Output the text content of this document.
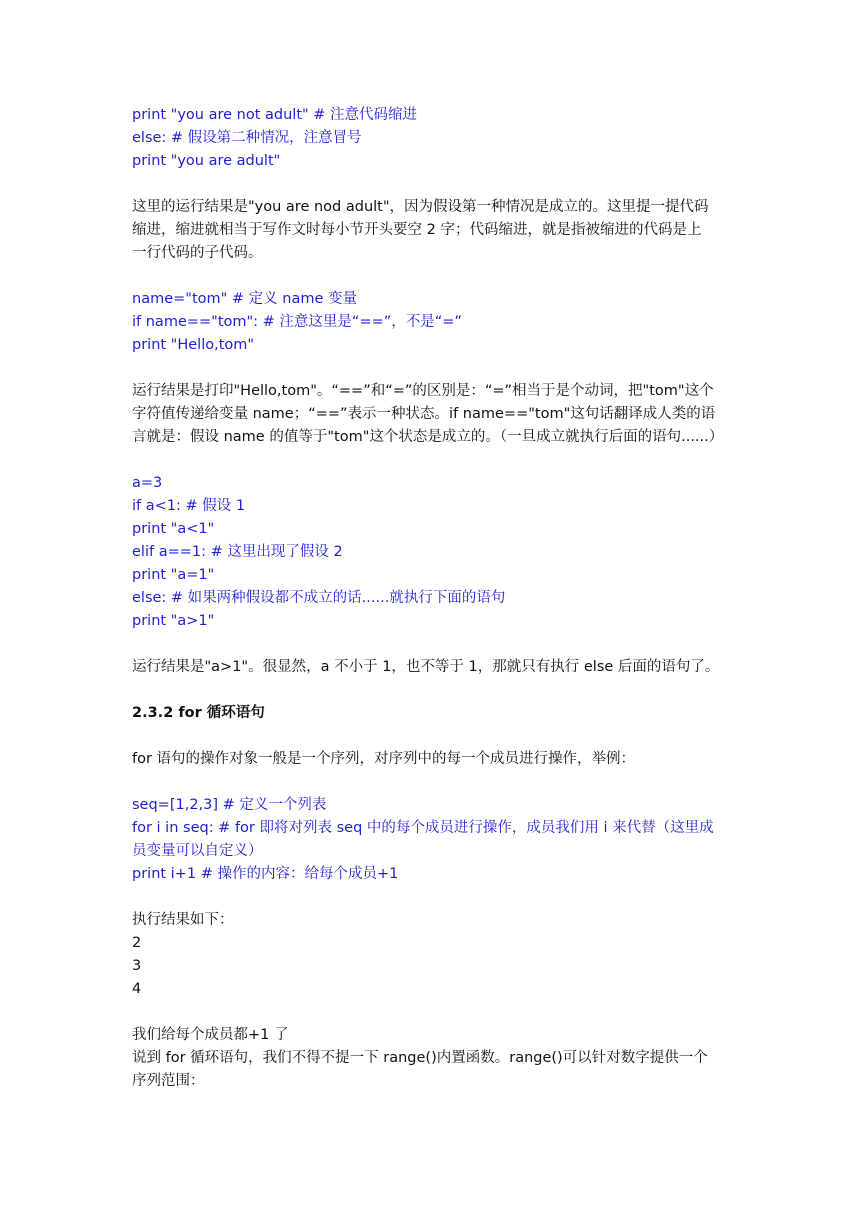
print "you are not adult" # 注意代码缩进
else: # 假设第二种情况，注意冒号
print "you are adult"
这里的运行结果是"you are nod adult"，因为假设第一种情况是成立的。这里提一提代码
缩进，缩进就相当于写作文时每小节开头要空 2 字；代码缩进，就是指被缩进的代码是上
一行代码的子代码。
name="tom" # 定义 name 变量
if name=="tom": # 注意这里是“==”，不是“=”
print "Hello,tom"
运行结果是打印"Hello,tom"。“==”和“=”的区别是：“=”相当于是个动词，把"tom"这个
字符值传递给变量 name；“==”表示一种状态。if name=="tom"这句话翻译成人类的语
言就是：假设 name 的值等于"tom"这个状态是成立的。（一旦成立就执行后面的语句......）
a=3
if a<1: # 假设 1
print "a<1"
elif a==1: # 这里出现了假设 2
print "a=1"
else: # 如果两种假设都不成立的话......就执行下面的语句
print "a>1"
运行结果是"a>1"。很显然，a 不小于 1，也不等于 1，那就只有执行 else 后面的语句了。
2.3.2 for 循环语句
for 语句的操作对象一般是一个序列，对序列中的每一个成员进行操作，举例：
seq=[1,2,3] # 定义一个列表
for i in seq: # for 即将对列表 seq 中的每个成员进行操作，成员我们用 i 来代替（这里成
员变量可以自定义）
print i+1 # 操作的内容：给每个成员+1
执行结果如下：
2
3
4
我们给每个成员都+1 了
说到 for 循环语句，我们不得不提一下 range()内置函数。range()可以针对数字提供一个
序列范围：
